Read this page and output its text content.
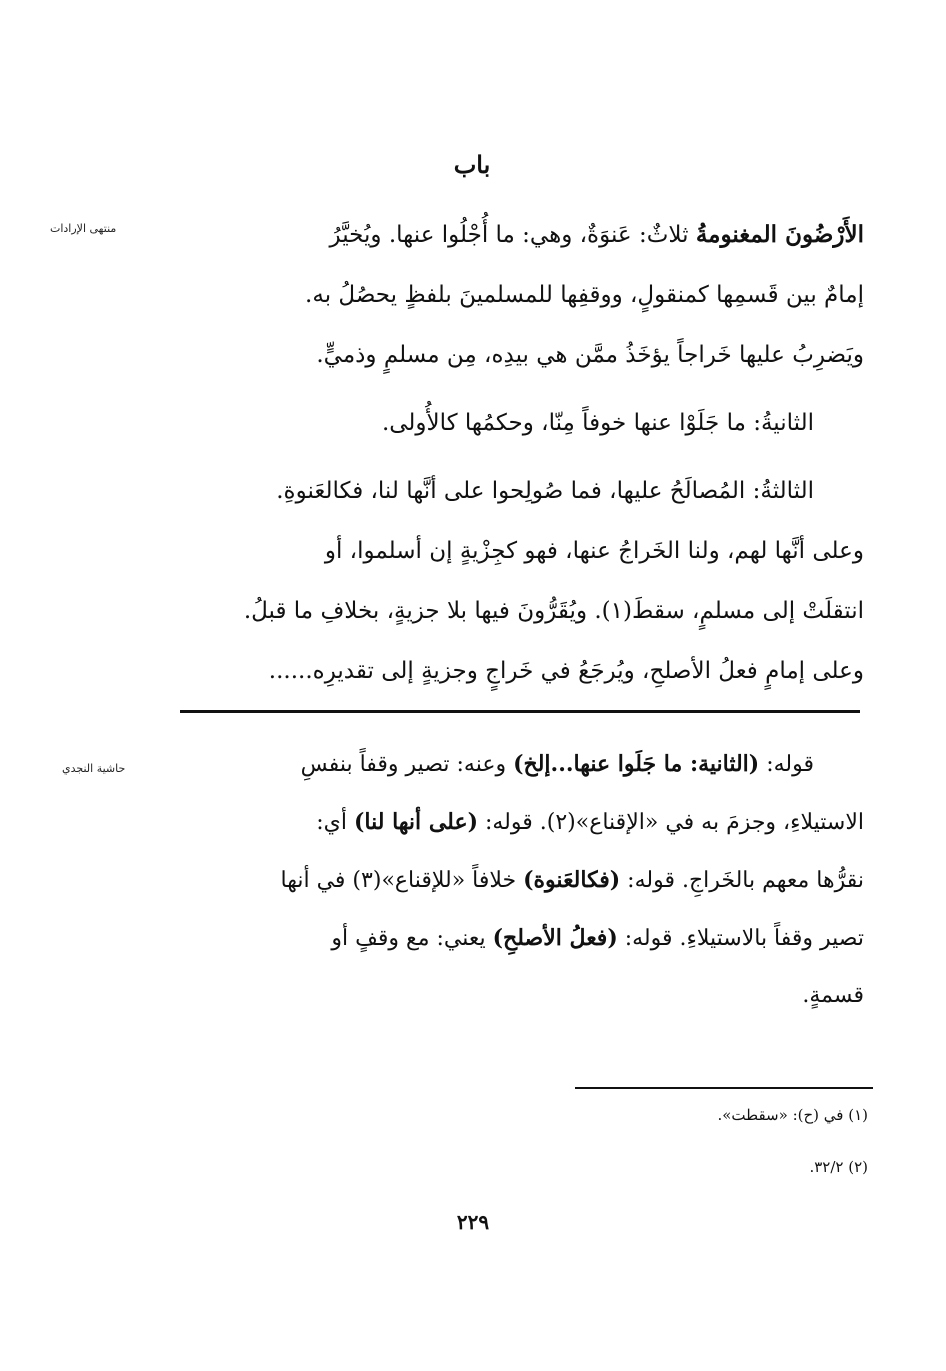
باب
منتهى الإرادات	الأَرْضُونَ المغنومةُ ثلاثٌ: عَنوَةٌ، وهي: ما أُجْلُوا عنها. ويُخيَّرُ
إمامٌ بين قَسمِها كمنقولٍ، ووقفِها للمسلمينَ بلفظٍ يحصُلُ به.
ويَضرِبُ عليها خَراجاً يؤخَذُ ممَّن هي بيدِه، مِن مسلمٍ وذميٍّ.
الثانيةُ: ما جَلَوْا عنها خوفاً مِنّا، وحكمُها كالأُولى.
الثالثةُ: المُصالَحُ عليها، فما صُولِحوا على أنَّها لنا، فكالعَنوةِ.
وعلى أنَّها لهم، ولنا الخَراجُ عنها، فهو كجِزْيةٍ إن أسلموا، أو
انتقلَتْ إلى مسلمٍ، سقطَ(١). ويُقَرُّونَ فيها بلا جزيةٍ، بخلافِ ما قبلُ.
وعلى إمامٍ فعلُ الأصلحِ، ويُرجَعُ في خَراجٍ وجزيةٍ إلى تقديرِه......
حاشية النجدي	قوله: (الثانية: ما جَلَوا عنها...إلخ) وعنه: تصير وقفاً بنفسِ
الاستيلاءِ، وجزمَ به في «الإقناع»(٢). قوله: (على أنها لنا) أي:
نقرُّها معهم بالخَراجِ. قوله: (فكالعَنوة) خلافاً «للإقناع»(٣) في أنها
تصير وقفاً بالاستيلاءِ. قوله: (فعلُ الأصلحِ) يعني: مع وقفٍ أو
قسمةٍ.
(١) في (ح): «سقطت».
(٢) ٣٢/٢.
٢٢٩
